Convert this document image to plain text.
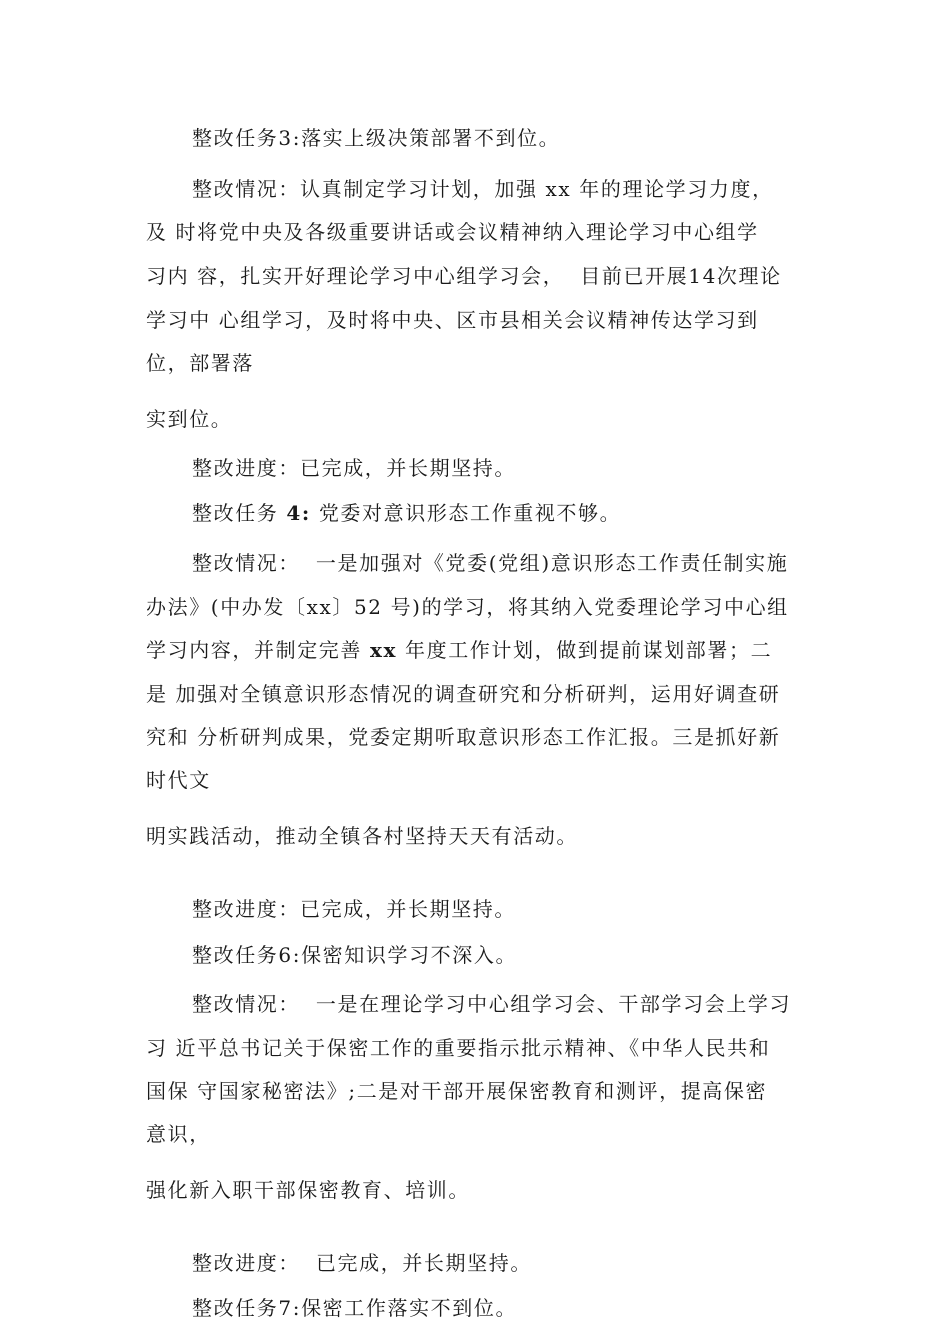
整改任务3:落实上级决策部署不到位。
整改情况：认真制定学习计划，加强 xx 年的理论学习力度，
及 时将党中央及各级重要讲话或会议精神纳入理论学习中心组学
习内 容，扎实开好理论学习中心组学习会，  目前已开展14次理论
学习中 心组学习，及时将中央、区市县相关会议精神传达学习到
位，部署落
实到位。
整改进度：已完成，并长期坚持。
整改任务 4: 党委对意识形态工作重视不够。
整改情况：  一是加强对《党委(党组)意识形态工作责任制实施
办法》(中办发〔xx〕52 号)的学习，将其纳入党委理论学习中心组
学习内容，并制定完善 xx 年度工作计划，做到提前谋划部署；二
是 加强对全镇意识形态情况的调查研究和分析研判，运用好调查研
究和 分析研判成果，党委定期听取意识形态工作汇报。三是抓好新
时代文
明实践活动，推动全镇各村坚持天天有活动。
整改进度：已完成，并长期坚持。
整改任务6:保密知识学习不深入。
整改情况：  一是在理论学习中心组学习会、干部学习会上学习
习 近平总书记关于保密工作的重要指示批示精神、《中华人民共和
国保 守国家秘密法》;二是对干部开展保密教育和测评，提高保密
意识，
强化新入职干部保密教育、培训。
整改进度：  已完成，并长期坚持。
整改任务7:保密工作落实不到位。
